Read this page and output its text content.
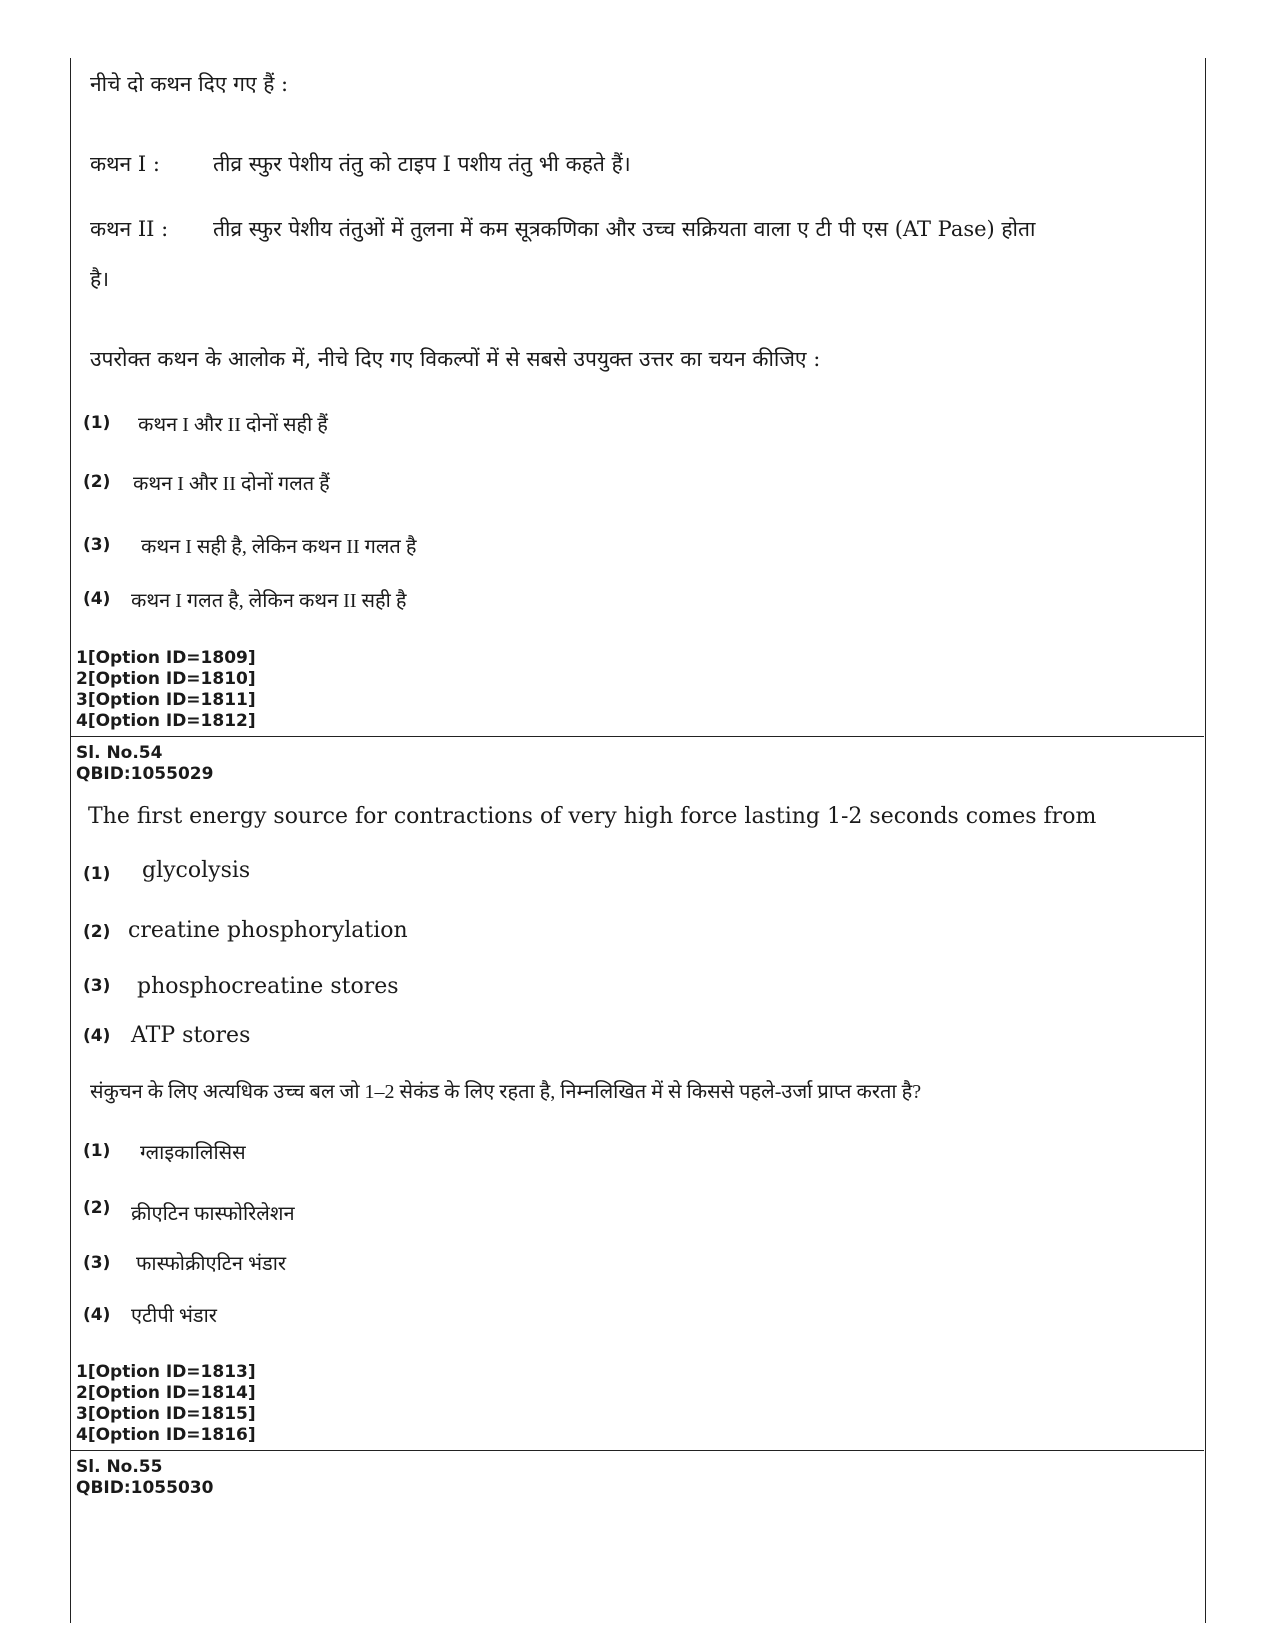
नीचे दो कथन दिए गए हैं :
कथन I :	तीव्र स्फुर पेशीय तंतु को टाइप I पशीय तंतु भी कहते हैं।
कथन II : तीव्र स्फुर पेशीय तंतुओं में तुलना में कम सूत्रकणिका और उच्च सक्रियता वाला ए टी पी एस (AT Pase) होता
है।
उपरोक्त कथन के आलोक में, नीचे दिए गए विकल्पों में से सबसे उपयुक्त उत्तर का चयन कीजिए :
(1) कथन I और II दोनों सही हैं
(2) कथन I और II दोनों गलत हैं
(3) कथन I सही है, लेकिन कथन II गलत है
(4) कथन I गलत है, लेकिन कथन II सही है
1[Option ID=1809]
2[Option ID=1810]
3[Option ID=1811]
4[Option ID=1812]
Sl. No.54
QBID:1055029
The first energy source for contractions of very high force lasting 1-2 seconds comes from
(1) glycolysis
(2) creatine phosphorylation
(3) phosphocreatine stores
(4) ATP stores
संकुचन के लिए अत्यधिक उच्च बल जो 1–2 सेकंड के लिए रहता है, निम्नलिखित में से किससे पहले-उर्जा प्राप्त करता है?
(1) ग्लाइकालिसिस
(2) क्रीएटिन फास्फोरिलेशन
(3) फास्फोक्रीएटिन भंडार
(4) एटीपी भंडार
1[Option ID=1813]
2[Option ID=1814]
3[Option ID=1815]
4[Option ID=1816]
Sl. No.55
QBID:1055030
